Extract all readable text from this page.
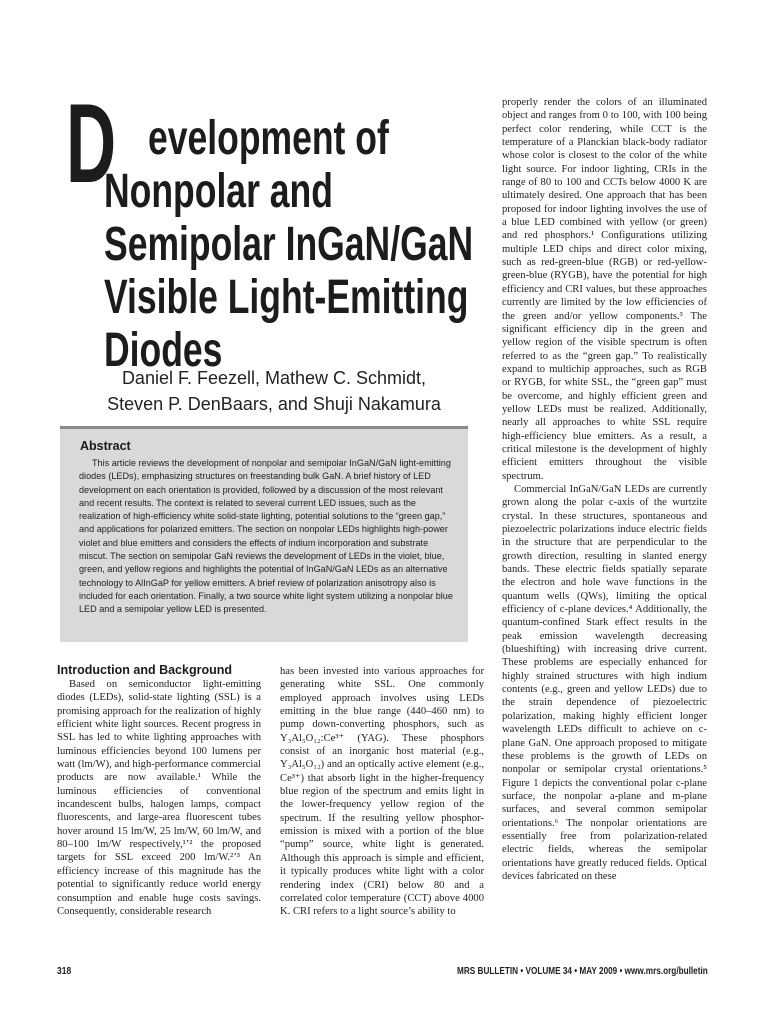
D evelopment of
Nonpolar and
Semipolar InGaN/GaN
Visible Light-Emitting
Diodes
Daniel F. Feezell, Mathew C. Schmidt,
Steven P. DenBaars, and Shuji Nakamura
Abstract
This article reviews the development of nonpolar and semipolar InGaN/GaN light-emitting diodes (LEDs), emphasizing structures on freestanding bulk GaN. A brief history of LED development on each orientation is provided, followed by a discussion of the most relevant and recent results. The context is related to several current LED issues, such as the realization of high-efficiency white solid-state lighting, potential solutions to the “green gap,” and applications for polarized emitters. The section on nonpolar LEDs highlights high-power violet and blue emitters and considers the effects of indium incorporation and substrate miscut. The section on semipolar GaN reviews the development of LEDs in the violet, blue, green, and yellow regions and highlights the potential of InGaN/GaN LEDs as an alternative technology to AlInGaP for yellow emitters. A brief review of polarization anisotropy also is included for each orientation. Finally, a two source white light system utilizing a nonpolar blue LED and a semipolar yellow LED is presented.
Introduction and Background

Based on semiconductor light-emitting diodes (LEDs), solid-state lighting (SSL) is a promising approach for the realization of highly efficient white light sources. Recent progress in SSL has led to white lighting approaches with luminous efficiencies beyond 100 lumens per watt (lm/W), and high-performance commercial products are now available.¹ While the luminous efficiencies of conventional incandescent bulbs, halogen lamps, compact fluorescents, and large-area fluorescent tubes hover around 15 lm/W, 25 lm/W, 60 lm/W, and 80–100 lm/W respectively,¹ʼ² the proposed targets for SSL exceed 200 lm/W.²ʼ³ An efficiency increase of this magnitude has the potential to significantly reduce world energy consumption and enable huge costs savings. Consequently, considerable research

has been invested into various approaches for generating white SSL. One commonly employed approach involves using LEDs emitting in the blue range (440–460 nm) to pump down-converting phosphors, such as Y₃Al₅O₁₂:Ce³⁺ (YAG). These phosphors consist of an inorganic host material (e.g., Y₃Al₅O₁₂) and an optically active element (e.g., Ce³⁺) that absorb light in the higher-frequency blue region of the spectrum and emits light in the lower-frequency yellow region of the spectrum. If the resulting yellow phosphor-emission is mixed with a portion of the blue “pump” source, white light is generated. Although this approach is simple and efficient, it typically produces white light with a color rendering index (CRI) below 80 and a correlated color temperature (CCT) above 4000 K. CRI refers to a light source’s ability to

properly render the colors of an illuminated object and ranges from 0 to 100, with 100 being perfect color rendering, while CCT is the temperature of a Planckian black-body radiator whose color is closest to the color of the white light source. For indoor lighting, CRIs in the range of 80 to 100 and CCTs below 4000 K are ultimately desired. One approach that has been proposed for indoor lighting involves the use of a blue LED combined with yellow (or green) and red phosphors.¹ Configurations utilizing multiple LED chips and direct color mixing, such as red-green-blue (RGB) or red-yellow-green-blue (RYGB), have the potential for high efficiency and CRI values, but these approaches currently are limited by the low efficiencies of the green and/or yellow components.³ The significant efficiency dip in the green and yellow region of the visible spectrum is often referred to as the “green gap.” To realistically expand to multichip approaches, such as RGB or RYGB, for white SSL, the “green gap” must be overcome, and highly efficient green and yellow LEDs must be realized. Additionally, nearly all approaches to white SSL require high-efficiency blue emitters. As a result, a critical milestone is the development of highly efficient emitters throughout the visible spectrum.

Commercial InGaN/GaN LEDs are currently grown along the polar c-axis of the wurtzite crystal. In these structures, spontaneous and piezoelectric polarizations induce electric fields in the structure that are perpendicular to the growth direction, resulting in slanted energy bands. These electric fields spatially separate the electron and hole wave functions in the quantum wells (QWs), limiting the optical efficiency of c-plane devices.⁴ Additionally, the quantum-confined Stark effect results in the peak emission wavelength decreasing (blueshifting) with increasing drive current. These problems are especially enhanced for highly strained structures with high indium contents (e.g., green and yellow LEDs) due to the strain dependence of piezoelectric polarization, making highly efficient longer wavelength LEDs difficult to achieve on c-plane GaN. One approach proposed to mitigate these problems is the growth of LEDs on nonpolar or semipolar crystal orientations.⁵ Figure 1 depicts the conventional polar c-plane surface, the nonpolar a-plane and m-plane surfaces, and several common semipolar orientations.⁶ The nonpolar orientations are essentially free from polarization-related electric fields, whereas the semipolar orientations have greatly reduced fields. Optical devices fabricated on these

318	MRS BULLETIN • VOLUME 34 • MAY 2009 • www.mrs.org/bulletin
